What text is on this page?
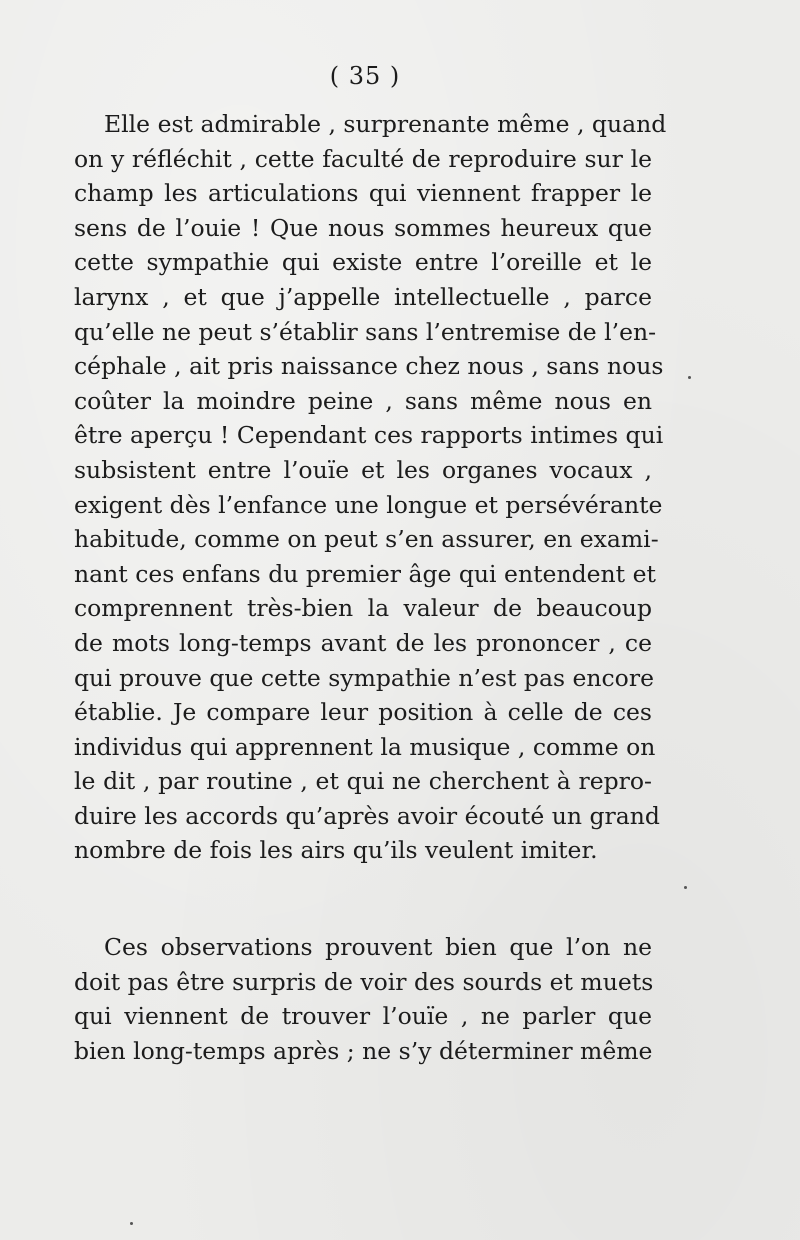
( 35 )
Elle est admirable , surprenante même , quand
on y réfléchit , cette faculté de reproduire sur le
champ les articulations qui viennent frapper le
sens de l’ouie ! Que nous sommes heureux que
cette sympathie qui existe entre l’oreille et le
larynx , et que j’appelle intellectuelle , parce
qu’elle ne peut s’établir sans l’entremise de l’en-
céphale , ait pris naissance chez nous , sans nous
coûter la moindre peine , sans même nous en
être aperçu ! Cependant ces rapports intimes qui
subsistent entre l’ouïe et les organes vocaux ,
exigent dès l’enfance une longue et persévérante
habitude, comme on peut s’en assurer, en exami-
nant ces enfans du premier âge qui entendent et
comprennent très-bien la valeur de beaucoup
de mots long-temps avant de les prononcer , ce
qui prouve que cette sympathie n’est pas encore
établie. Je compare leur position à celle de ces
individus qui apprennent la musique , comme on
le dit , par routine , et qui ne cherchent à repro-
duire les accords qu’après avoir écouté un grand
nombre de fois les airs qu’ils veulent imiter.
Ces observations prouvent bien que l’on ne
doit pas être surpris de voir des sourds et muets
qui viennent de trouver l’ouïe , ne parler que
bien long-temps après ; ne s’y déterminer même
